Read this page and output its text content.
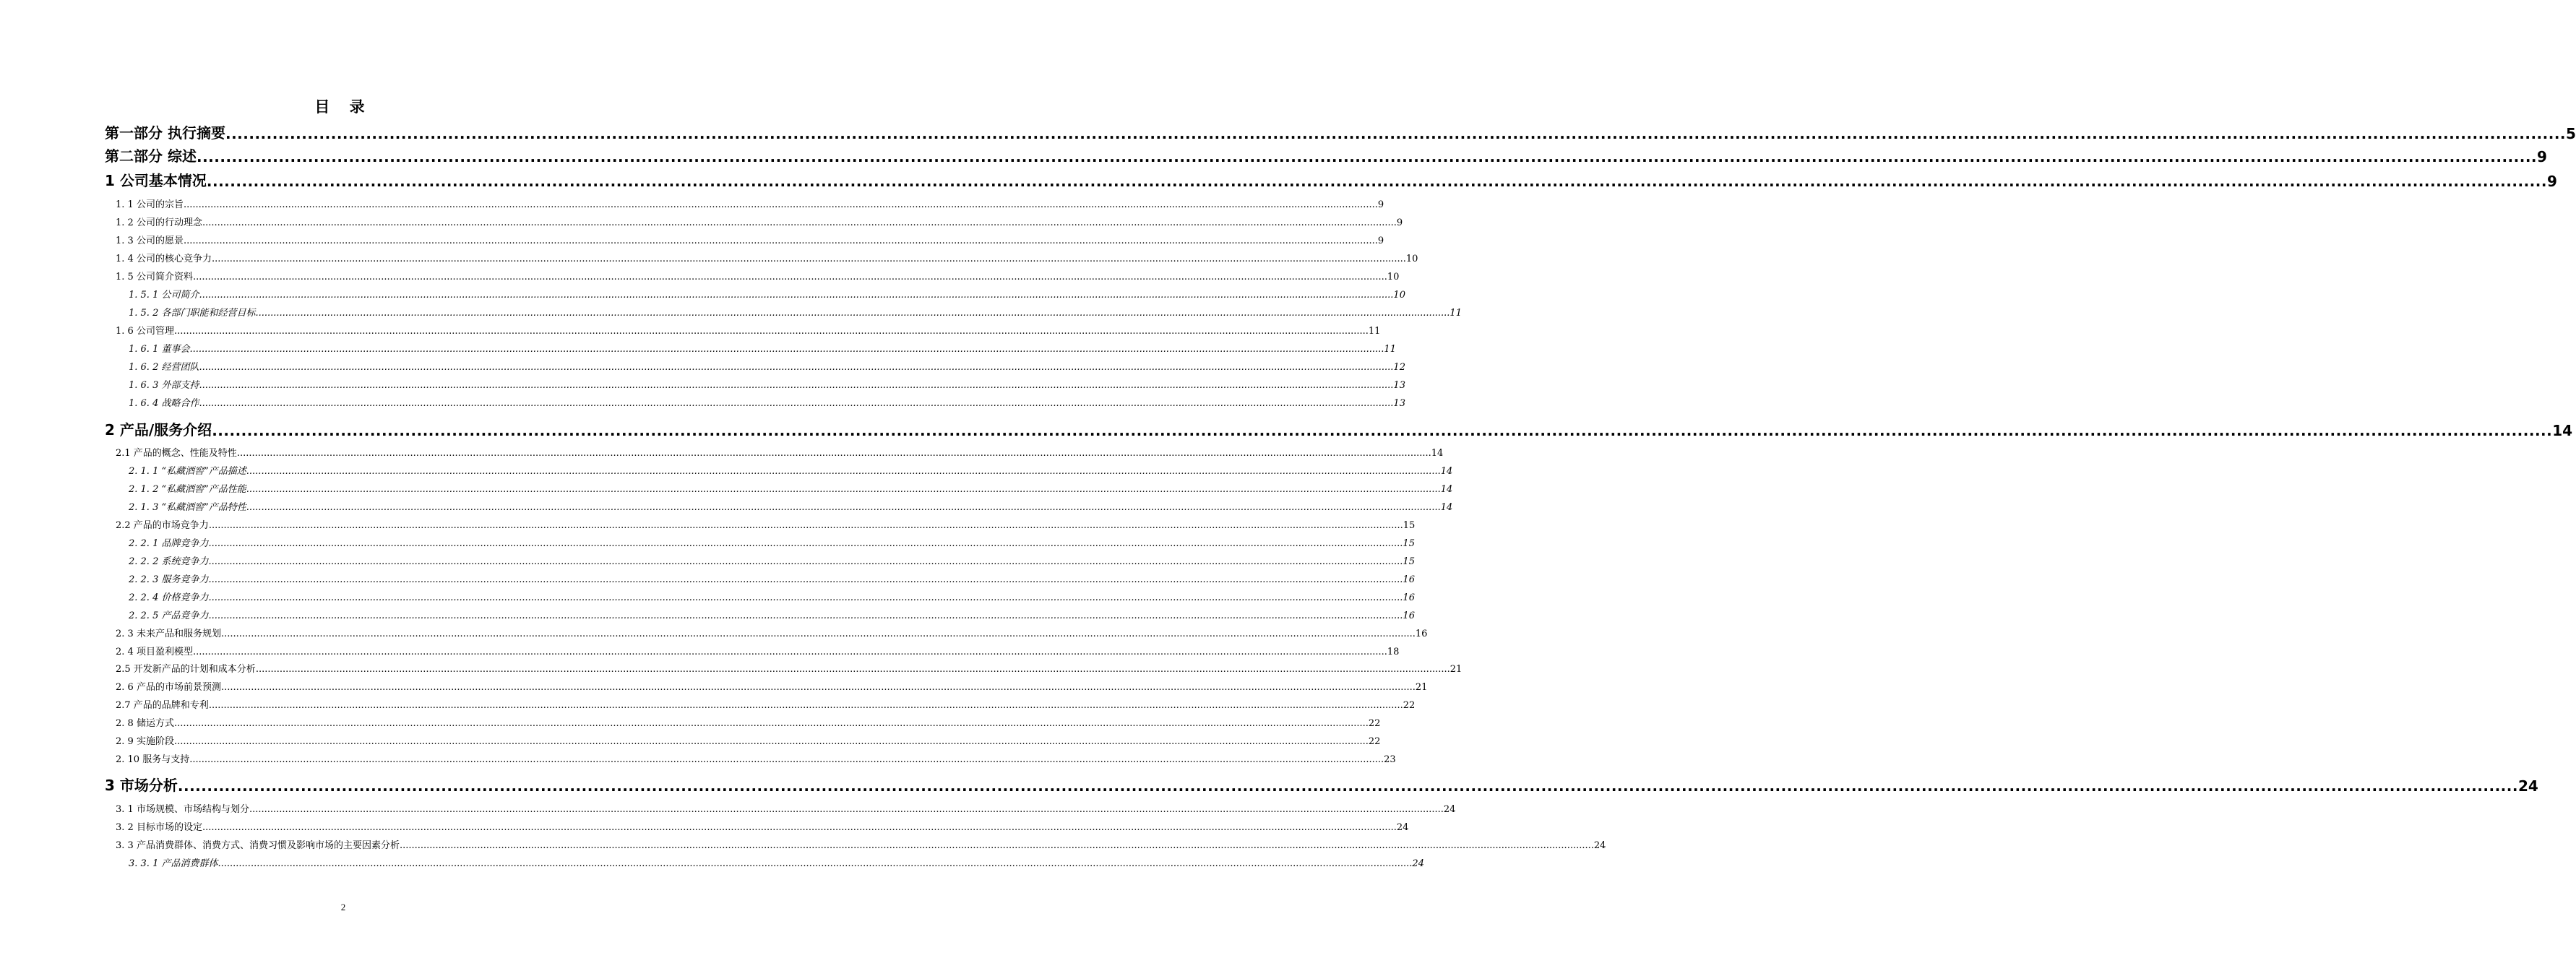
目 录
第一部分 执行摘要 ................................................................................................................................................................................................................................................................................................................................................................................................................ 5
第二部分 综述 ................................................................................................................................................................................................................................................................................................................................................................................................................ 9
1 公司基本情况 ................................................................................................................................................................................................................................................................................................................................................................................................................ 9
1. 1 公司的宗旨 ................................................................................................................................................................................................................................................................................................................................................................................................................ 9
1. 2 公司的行动理念 ................................................................................................................................................................................................................................................................................................................................................................................................................ 9
1. 3 公司的愿景 ................................................................................................................................................................................................................................................................................................................................................................................................................ 9
1. 4 公司的核心竞争力 ................................................................................................................................................................................................................................................................................................................................................................................................................ 10
1. 5 公司简介资料 ................................................................................................................................................................................................................................................................................................................................................................................................................ 10
1. 5. 1 公司简介 ................................................................................................................................................................................................................................................................................................................................................................................................................ 10
1. 5. 2 各部门职能和经营目标 ................................................................................................................................................................................................................................................................................................................................................................................................................ 11
1. 6 公司管理 ................................................................................................................................................................................................................................................................................................................................................................................................................ 11
1. 6. 1 董事会 ................................................................................................................................................................................................................................................................................................................................................................................................................ 11
1. 6. 2 经营团队 ................................................................................................................................................................................................................................................................................................................................................................................................................ 12
1. 6. 3 外部支持 ................................................................................................................................................................................................................................................................................................................................................................................................................ 13
1. 6. 4 战略合作 ................................................................................................................................................................................................................................................................................................................................................................................................................ 13
2 产品/服务介绍 ................................................................................................................................................................................................................................................................................................................................................................................................................ 14
2.1 产品的概念、性能及特性 ................................................................................................................................................................................................................................................................................................................................................................................................................ 14
2. 1. 1 “私藏酒窖”产品描述 ................................................................................................................................................................................................................................................................................................................................................................................................................ 14
2. 1. 2 “私藏酒窖”产品性能 ................................................................................................................................................................................................................................................................................................................................................................................................................ 14
2. 1. 3 “私藏酒窖”产品特性 ................................................................................................................................................................................................................................................................................................................................................................................................................ 14
2.2 产品的市场竞争力 ................................................................................................................................................................................................................................................................................................................................................................................................................ 15
2. 2. 1 品牌竞争力 ................................................................................................................................................................................................................................................................................................................................................................................................................ 15
2. 2. 2 系统竞争力 ................................................................................................................................................................................................................................................................................................................................................................................................................ 15
2. 2. 3 服务竞争力 ................................................................................................................................................................................................................................................................................................................................................................................................................ 16
2. 2. 4 价格竞争力 ................................................................................................................................................................................................................................................................................................................................................................................................................ 16
2. 2. 5 产品竞争力 ................................................................................................................................................................................................................................................................................................................................................................................................................ 16
2. 3 未来产品和服务规划 ................................................................................................................................................................................................................................................................................................................................................................................................................ 16
2. 4 项目盈利模型 ................................................................................................................................................................................................................................................................................................................................................................................................................ 18
2.5 开发新产品的计划和成本分析 ................................................................................................................................................................................................................................................................................................................................................................................................................ 21
2. 6 产品的市场前景预测 ................................................................................................................................................................................................................................................................................................................................................................................................................ 21
2.7 产品的品牌和专利 ................................................................................................................................................................................................................................................................................................................................................................................................................ 22
2. 8 储运方式 ................................................................................................................................................................................................................................................................................................................................................................................................................ 22
2. 9 实施阶段 ................................................................................................................................................................................................................................................................................................................................................................................................................ 22
2. 10 服务与支持 ................................................................................................................................................................................................................................................................................................................................................................................................................ 23
3 市场分析 ................................................................................................................................................................................................................................................................................................................................................................................................................ 24
3. 1 市场规模、市场结构与划分 ................................................................................................................................................................................................................................................................................................................................................................................................................ 24
3. 2 目标市场的设定 ................................................................................................................................................................................................................................................................................................................................................................................................................ 24
3. 3 产品消费群体、消费方式、消费习惯及影响市场的主要因素分析 ................................................................................................................................................................................................................................................................................................................................................................................................................ 24
3. 3. 1 产品消费群体 ................................................................................................................................................................................................................................................................................................................................................................................................................ 24
2
